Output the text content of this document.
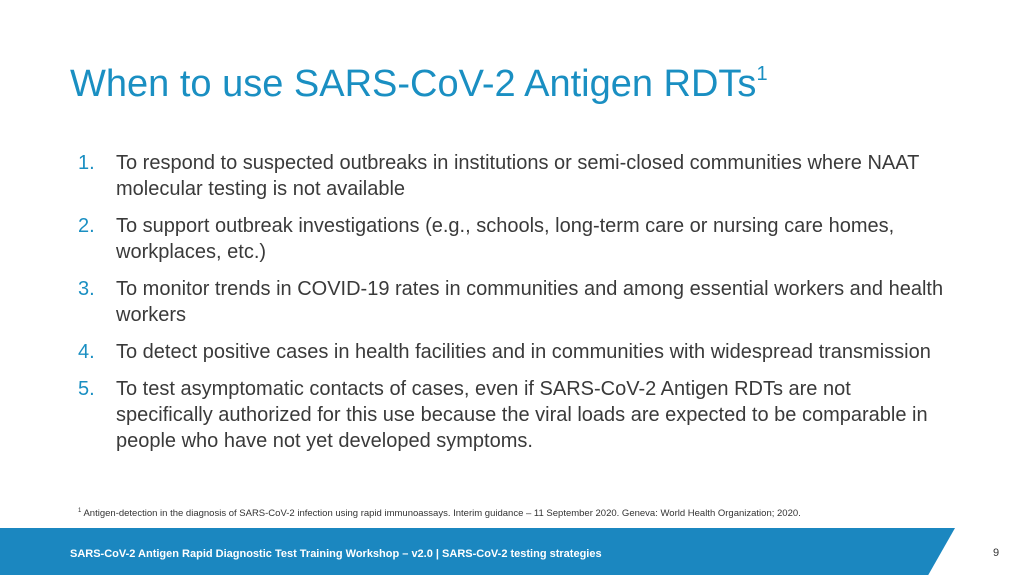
When to use SARS-CoV-2 Antigen RDTs$^1$
1.	To respond to suspected outbreaks in institutions or semi-closed communities where NAAT molecular testing is not available
2.	To support outbreak investigations (e.g., schools, long-term care or nursing care homes, workplaces, etc.)
3.	To monitor trends in COVID-19 rates in communities and among essential workers and health workers
4.	To detect positive cases in health facilities and in communities with widespread transmission
5.	To test asymptomatic contacts of cases, even if SARS-CoV-2 Antigen RDTs are not specifically authorized for this use because the viral loads are expected to be comparable in people who have not yet developed symptoms.

$^1$ Antigen-detection in the diagnosis of SARS-CoV-2 infection using rapid immunoassays. Interim guidance – 11 September 2020. Geneva: World Health Organization; 2020.

SARS-CoV-2 Antigen Rapid Diagnostic Test Training Workshop – v2.0 | SARS-CoV-2 testing strategies	9
